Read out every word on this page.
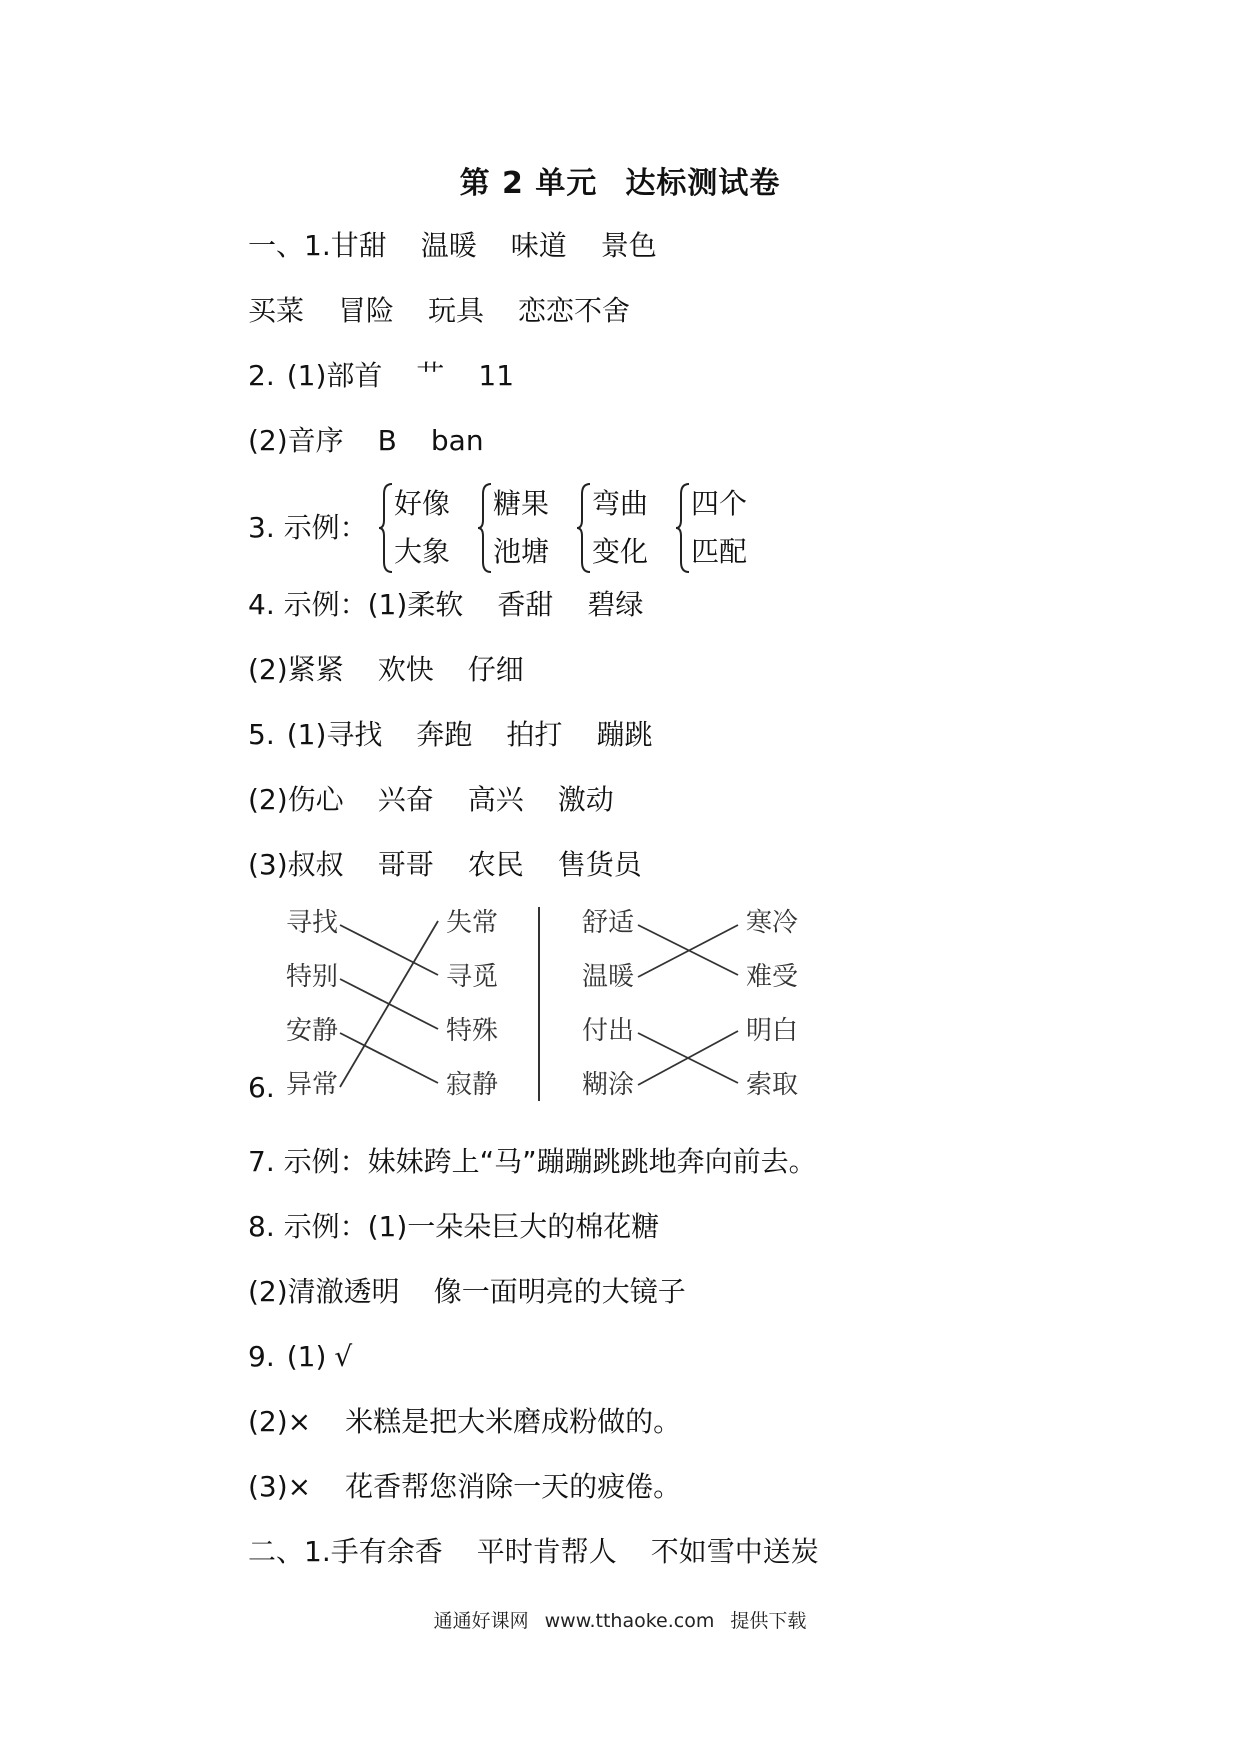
第 2 单元 达标测试卷
一、1.甘甜 温暖 味道 景色
买菜 冒险 玩具 恋恋不舍
2. (1)部首 艹 11
(2)音序 B ban
3. 示例：
好像
大象
糖果
池塘
弯曲
变化
四个
匹配
4. 示例：(1)柔软 香甜 碧绿
(2)紧紧 欢快 仔细
5. (1)寻找 奔跑 拍打 蹦跳
(2)伤心 兴奋 高兴 激动
(3)叔叔 哥哥 农民 售货员
6.
寻找
特别
安静
异常
失常
寻觅
特殊
寂静
舒适
温暖
付出
糊涂
寒冷
难受
明白
索取
7. 示例：妹妹跨上“马”蹦蹦跳跳地奔向前去。
8. 示例：(1)一朵朵巨大的棉花糖
(2)清澈透明 像一面明亮的大镜子
9. (1) √
(2)× 米糕是把大米磨成粉做的。
(3)× 花香帮您消除一天的疲倦。
二、1.手有余香 平时肯帮人 不如雪中送炭
通通好课网 www.tthaoke.com 提供下载
